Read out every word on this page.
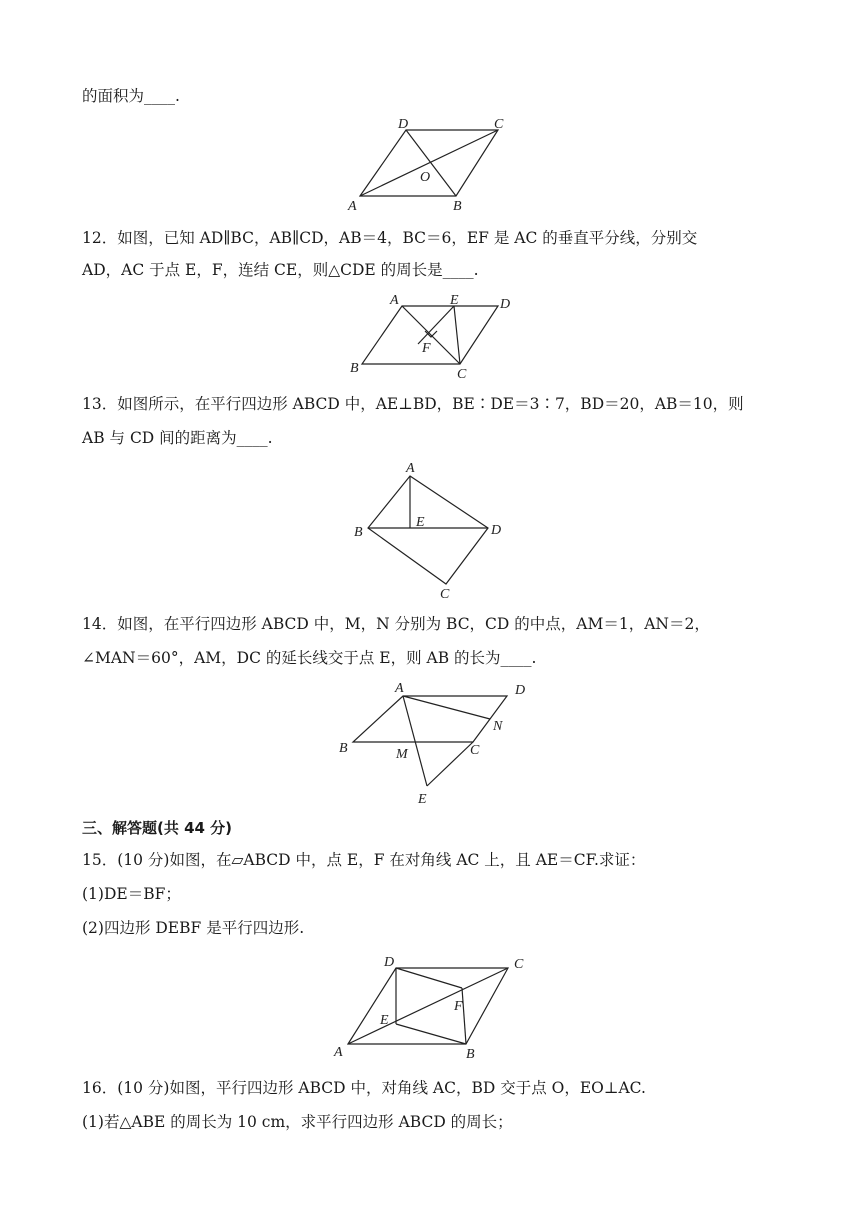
的面积为____.
A	B
C
D
O
12．如图，已知 AD∥BC，AB∥CD，AB＝4，BC＝6，EF 是 AC 的垂直平分线，分别交
AD，AC 于点 E，F，连结 CE，则△CDE 的周长是____.
A	E	D
B	C
F
13．如图所示，在平行四边形 ABCD 中，AE⊥BD，BE∶DE＝3∶7，BD＝20，AB＝10，则
AB 与 CD 间的距离为____.
A
B	D
E
C
14．如图，在平行四边形 ABCD 中，M，N 分别为 BC，CD 的中点，AM＝1，AN＝2，
∠MAN＝60°，AM，DC 的延长线交于点 E，则 AB 的长为____.
A	D
N
B	M	C
E
三、解答题(共 44 分)
15．(10 分)如图，在▱ABCD 中，点 E，F 在对角线 AC 上，且 AE＝CF.求证：
(1)DE＝BF；
(2)四边形 DEBF 是平行四边形.
A	B
C
D
E
F
16．(10 分)如图，平行四边形 ABCD 中，对角线 AC，BD 交于点 O，EO⊥AC.
(1)若△ABE 的周长为 10 cm，求平行四边形 ABCD 的周长；
